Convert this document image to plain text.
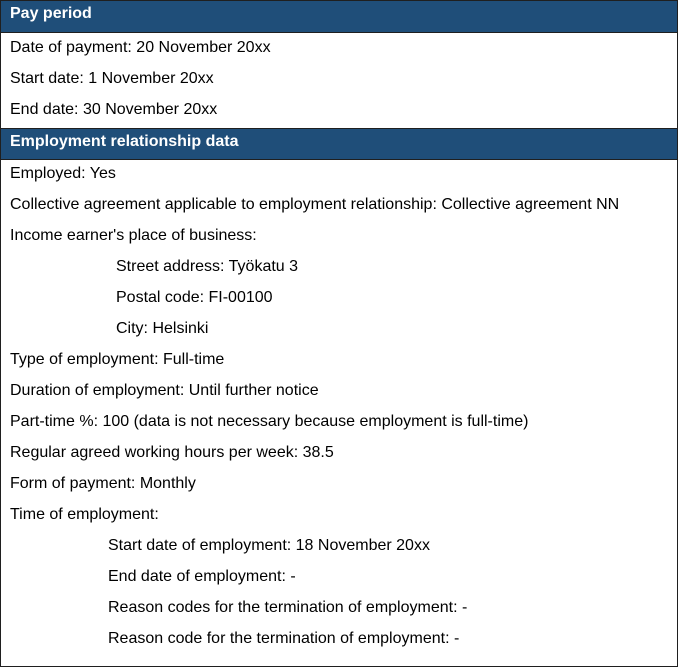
Pay period
Date of payment: 20 November 20xx
Start date: 1 November 20xx
End date: 30 November 20xx
Employment relationship data
Employed: Yes
Collective agreement applicable to employment relationship: Collective agreement NN
Income earner's place of business:
Street address: Työkatu 3
Postal code: FI-00100
City: Helsinki
Type of employment: Full-time
Duration of employment: Until further notice
Part-time %: 100 (data is not necessary because employment is full-time)
Regular agreed working hours per week: 38.5
Form of payment: Monthly
Time of employment:
Start date of employment: 18 November 20xx
End date of employment: -
Reason codes for the termination of employment: -
Reason code for the termination of employment: -
